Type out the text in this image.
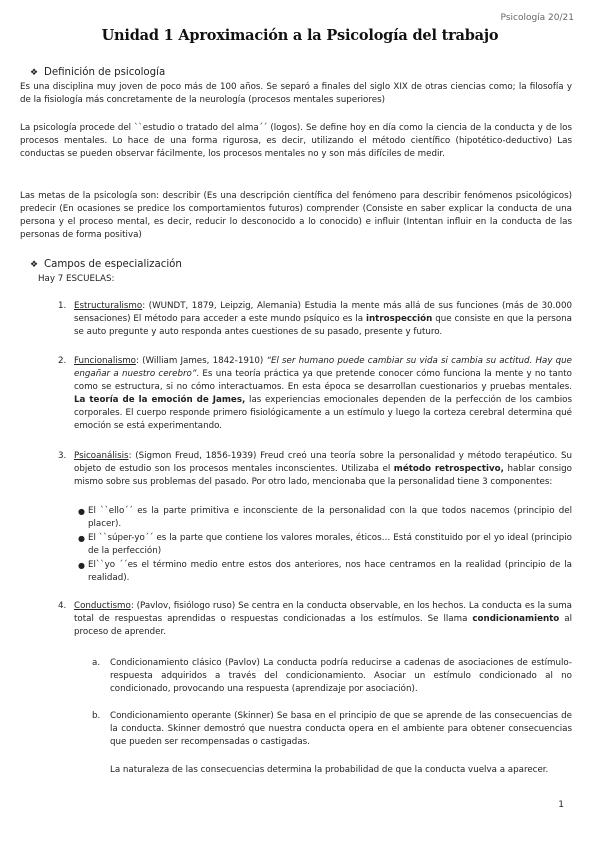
Psicología 20/21
Unidad 1 Aproximación a la Psicología del trabajo
❖ Definición de psicología

Es una disciplina muy joven de poco más de 100 años. Se separó a finales del siglo XIX de otras ciencias como; la filosofía y de la fisiología más concretamente de la neurología (procesos mentales superiores)

La psicología procede del ``estudio o tratado del alma´´ (logos). Se define hoy en día como la ciencia de la conducta y de los procesos mentales. Lo hace de una forma rigurosa, es decir, utilizando el método científico (hipotético-deductivo) Las conductas se pueden observar fácilmente, los procesos mentales no y son más difíciles de medir.

Las metas de la psicología son: describir (Es una descripción científica del fenómeno para describir fenómenos psicológicos) predecir (En ocasiones se predice los comportamientos futuros) comprender (Consiste en saber explicar la conducta de una persona y el proceso mental, es decir, reducir lo desconocido a lo conocido) e influir (Intentan influir en la conducta de las personas de forma positiva)

❖ Campos de especialización
Hay 7 ESCUELAS:
1. Estructuralismo: (WUNDT, 1879, Leipzig, Alemania) Estudia la mente más allá de sus funciones (más de 30.000 sensaciones) El método para acceder a este mundo psíquico es la introspección que consiste en que la persona se auto pregunte y auto responda antes cuestiones de su pasado, presente y futuro.

2. Funcionalismo: (William James, 1842-1910) “El ser humano puede cambiar su vida si cambia su actitud. Hay que engañar a nuestro cerebro”. Es una teoría práctica ya que pretende conocer cómo funciona la mente y no tanto como se estructura, si no cómo interactuamos. En esta época se desarrollan cuestionarios y pruebas mentales. La teoría de la emoción de James, las experiencias emocionales dependen de la perfección de los cambios corporales. El cuerpo responde primero fisiológicamente a un estímulo y luego la corteza cerebral determina qué emoción se está experimentando.

3. Psicoanálisis: (Sigmon Freud, 1856-1939) Freud creó una teoría sobre la personalidad y método terapéutico. Su objeto de estudio son los procesos mentales inconscientes. Utilizaba el método retrospectivo, hablar consigo mismo sobre sus problemas del pasado. Por otro lado, mencionaba que la personalidad tiene 3 componentes:

● El ``ello´´ es la parte primitiva e inconsciente de la personalidad con la que todos nacemos (principio del placer).

● El ``súper-yo´´ es la parte que contiene los valores morales, éticos… Está constituido por el yo ideal (principio de la perfección)

● El``yo ´´es el término medio entre estos dos anteriores, nos hace centramos en la realidad (principio de la realidad).

4. Conductismo: (Pavlov, fisiólogo ruso) Se centra en la conducta observable, en los hechos. La conducta es la suma total de respuestas aprendidas o respuestas condicionadas a los estímulos. Se llama condicionamiento al proceso de aprender.

a. Condicionamiento clásico (Pavlov) La conducta podría reducirse a cadenas de asociaciones de estímulo-respuesta adquiridos a través del condicionamiento. Asociar un estímulo condicionado al no condicionado, provocando una respuesta (aprendizaje por asociación).

b. Condicionamiento operante (Skinner) Se basa en el principio de que se aprende de las consecuencias de la conducta. Skinner demostró que nuestra conducta opera en el ambiente para obtener consecuencias que pueden ser recompensadas o castigadas.

La naturaleza de las consecuencias determina la probabilidad de que la conducta vuelva a aparecer.

1
